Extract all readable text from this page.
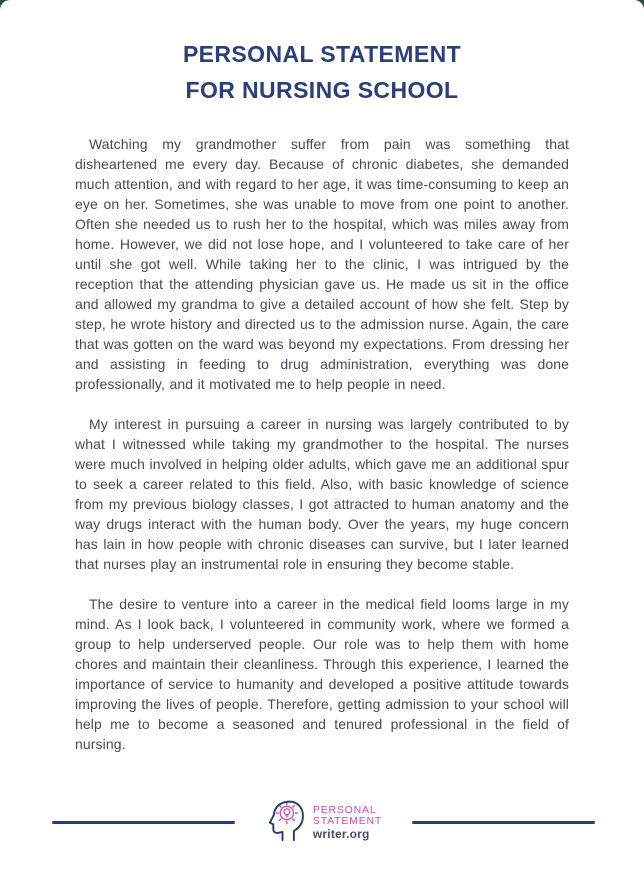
PERSONAL STATEMENT
FOR NURSING SCHOOL

Watching my grandmother suffer from pain was something that disheartened me every day. Because of chronic diabetes, she demanded much attention, and with regard to her age, it was time-consuming to keep an eye on her. Sometimes, she was unable to move from one point to another. Often she needed us to rush her to the hospital, which was miles away from home. However, we did not lose hope, and I volunteered to take care of her until she got well. While taking her to the clinic, I was intrigued by the reception that the attending physician gave us. He made us sit in the office and allowed my grandma to give a detailed account of how she felt. Step by step, he wrote history and directed us to the admission nurse. Again, the care that was gotten on the ward was beyond my expectations. From dressing her and assisting in feeding to drug administration, everything was done professionally, and it motivated me to help people in need.

My interest in pursuing a career in nursing was largely contributed to by what I witnessed while taking my grandmother to the hospital. The nurses were much involved in helping older adults, which gave me an additional spur to seek a career related to this field. Also, with basic knowledge of science from my previous biology classes, I got attracted to human anatomy and the way drugs interact with the human body. Over the years, my huge concern has lain in how people with chronic diseases can survive, but I later learned that nurses play an instrumental role in ensuring they become stable.

The desire to venture into a career in the medical field looms large in my mind. As I look back, I volunteered in community work, where we formed a group to help underserved people. Our role was to help them with home chores and maintain their cleanliness. Through this experience, I learned the importance of service to humanity and developed a positive attitude towards improving the lives of people. Therefore, getting admission to your school will help me to become a seasoned and tenured professional in the field of nursing.

PERSONAL
STATEMENT
writer.org
